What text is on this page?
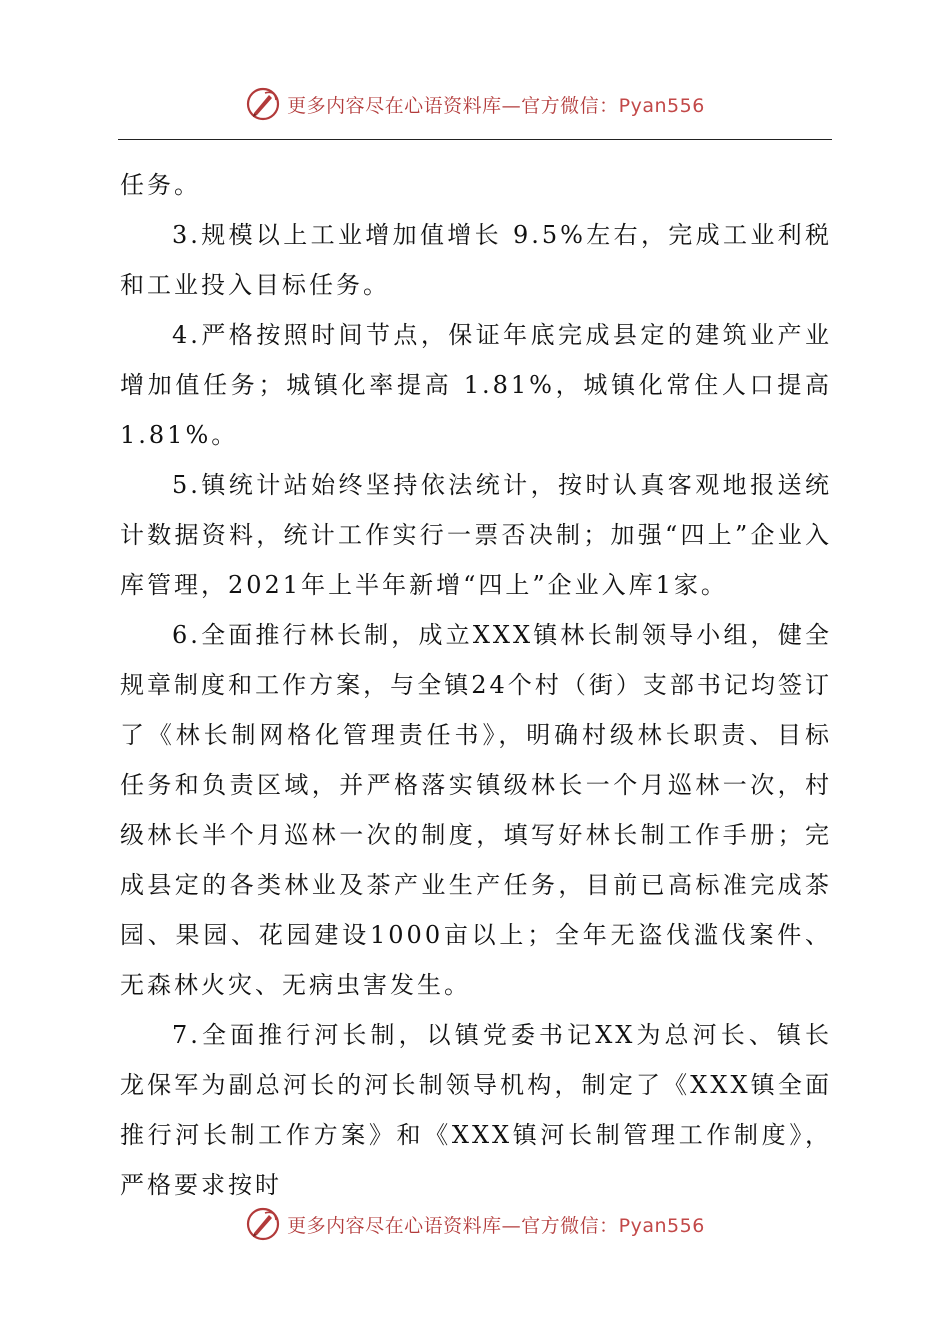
更多内容尽在心语资料库—官方微信：Pyan556

任务。

3.规模以上工业增加值增长 9.5%左右，完成工业利税和工业投入目标任务。

4.严格按照时间节点，保证年底完成县定的建筑业产业增加值任务；城镇化率提高 1.81%，城镇化常住人口提高 1.81%。

5.镇统计站始终坚持依法统计，按时认真客观地报送统计数据资料，统计工作实行一票否决制；加强“四上”企业入库管理，2021年上半年新增“四上”企业入库1家。

6.全面推行林长制，成立XXX镇林长制领导小组，健全规章制度和工作方案，与全镇24个村（街）支部书记均签订了《林长制网格化管理责任书》，明确村级林长职责、目标任务和负责区域，并严格落实镇级林长一个月巡林一次，村级林长半个月巡林一次的制度，填写好林长制工作手册；完成县定的各类林业及茶产业生产任务，目前已高标准完成茶园、果园、花园建设1000亩以上；全年无盗伐滥伐案件、无森林火灾、无病虫害发生。

7.全面推行河长制，以镇党委书记XX为总河长、镇长龙保军为副总河长的河长制领导机构，制定了《XXX镇全面推行河长制工作方案》和《XXX镇河长制管理工作制度》，严格要求按时

更多内容尽在心语资料库—官方微信：Pyan556
